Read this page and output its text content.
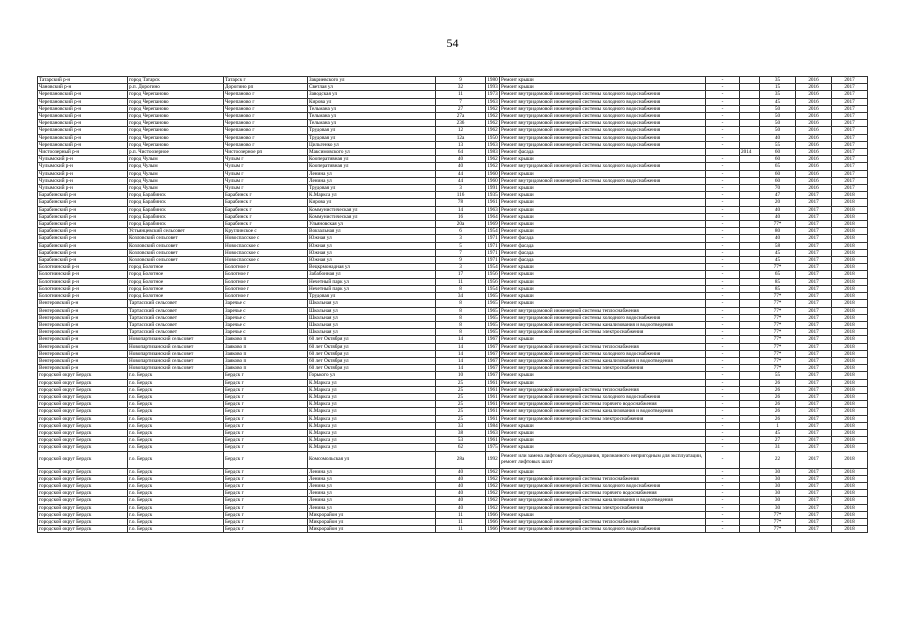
54
Татарский р-н	город Татарск	Татарск г	Закриевского ул	9	1980	Ремонт крыши	-		35	2016	2017
Чановский р-н	р.п. Дорогино	Дорогино рп	Светлая ул	32	1993	Ремонт крыши	-		15	2016	2017
Черепановский р-н	город Черепаново	Черепаново г	Заводская ул	11	1973	Ремонт внутридомовой инженерной системы холодного водоснабжения	-		35	2016	2017
Черепановский р-н	город Черепаново	Черепаново г	Кирова ул	7	1963	Ремонт внутридомовой инженерной системы холодного водоснабжения	-		45	2016	2017
Черепановский р-н	город Черепаново	Черепаново г	Тельмана ул	27	1962	Ремонт внутридомовой инженерной системы холодного водоснабжения	-		50	2016	2017
Черепановский р-н	город Черепаново	Черепаново г	Тельмана ул	27а	1962	Ремонт внутридомовой инженерной системы холодного водоснабжения	-		50	2016	2017
Черепановский р-н	город Черепаново	Черепаново г	Тельмана ул	236	1962	Ремонт внутридомовой инженерной системы холодного водоснабжения	-		50	2016	2017
Черепановский р-н	город Черепаново	Черепаново г	Трудовая ул	12	1962	Ремонт внутридомовой инженерной системы холодного водоснабжения	-		50	2016	2017
Черепановский р-н	город Черепаново	Черепаново г	Трудовая ул	12а	1950	Ремонт внутридомовой инженерной системы холодного водоснабжения	-		40	2016	2017
Черепановский р-н	город Черепаново	Черепаново г	Цильгенко ул	13	1963	Ремонт внутридомовой инженерной системы холодного водоснабжения	-		55	2016	2017
Чистоозерный р-н	р.п. Чистоозерное	Чистоозерное рп	Максимовского ул	64	1983	Ремонт фасада		2014	60	2016	2017
Чулымский р-н	город Чулым	Чулым г	Кооперативная ул	40	1962	Ремонт крыши	-		60	2016	2017
Чулымский р-н	город Чулым	Чулым г	Кооперативная ул	40	1962	Ремонт внутридомовой инженерной системы холодного водоснабжения	-		65	2016	2017
Чулымский р-н	город Чулым	Чулым г	Ленина ул	44	1960	Ремонт крыши	-		60	2016	2017
Чулымский р-н	город Чулым	Чулым г	Ленина ул	44	1960	Ремонт внутридомовой инженерной системы холодного водоснабжения	-		60	2016	2017
Чулымский р-н	город Чулым	Чулым г	Трудовая ул	3	1991	Ремонт крыши	-		70	2016	2017
Барабинский р-н	город Барабинск	Барабинск г	К.Маркса ул	116	1935	Ремонт крыши	-		47	2017	2018
Барабинский р-н	город Барабинск	Барабинск г	Кирова ул	78	1961	Ремонт крыши	-		20	2017	2018
Барабинский р-н	город Барабинск	Барабинск г	Коммунистическая ул	14	1963	Ремонт крыши	-		40	2017	2018
Барабинский р-н	город Барабинск	Барабинск г	Коммунистическая ул	16	1964	Ремонт крыши	-		40	2017	2018
Барабинский р-н	город Барабинск	Барабинск г	Ульяновская ул	20а	1969	Ремонт крыши	-		77*	2017	2018
Барабинский р-н	Устьянцевский сельсовет	Круглинское с	Вокзальная ул	6	1954	Ремонт крыши	-		80	2017	2018
Барабинский р-н	Козловский сельсовет	Новоспасское с	Южная ул	3	1971	Ремонт фасада	-		40	2017	2018
Барабинский р-н	Козловский сельсовет	Новоспасское с	Южная ул	5	1971	Ремонт фасада	-		58	2017	2018
Барабинский р-н	Козловский сельсовет	Новоспасское с	Южная ул	7	1971	Ремонт фасада	-		45	2017	2018
Барабинский р-н	Козловский сельсовет	Новоспасское с	Южная ул	9	1971	Ремонт фасада	-		45	2017	2018
Болотнинский р-н	город Болотное	Болотное г	Вецкрмонадная ул	3	1954	Ремонт крыши	-		77*	2017	2018
Болотнинский р-н	город Болотное	Болотное г	Забабонная ул	17	1956	Ремонт крыши	-		65	2017	2018
Болотнинский р-н	город Болотное	Болотное г	Нечетный парк ул	11	1956	Ремонт крыши	-		85	2017	2018
Болотнинский р-н	город Болотное	Болотное г	Нечетный парк ул	8	1954	Ремонт крыши	-		85	2017	2018
Болотнинский р-н	город Болотное	Болотное г	Трудовая ул	34	1965	Ремонт крыши	-		77*	2017	2018
Венгеровский р-н	Тартасский сельсовет	Заречье с	Школьная ул	8	1965	Ремонт крыши	-		77*	2017	2018
Венгеровский р-н	Тартасский сельсовет	Заречье с	Школьная ул	8	1965	Ремонт внутридомовой инженерной системы теплоснабжения	-		77*	2017	2018
Венгеровский р-н	Тартасский сельсовет	Заречье с	Школьная ул	8	1965	Ремонт внутридомовой инженерной системы холодного водоснабжения	-		77*	2017	2018
Венгеровский р-н	Тартасский сельсовет	Заречье с	Школьная ул	8	1965	Ремонт внутридомовой инженерной системы канализования и водоотведения	-		77*	2017	2018
Венгеровский р-н	Тартасский сельсовет	Заречье с	Школьная ул	8	1965	Ремонт внутридомовой инженерной системы электроснабжения	-		77*	2017	2018
Венгеровский р-н	Новопартизанский сельсовет	Заяково п	60 лет Октября ул	14	1967	Ремонт крыши	-		77*	2017	2018
Венгеровский р-н	Новопартизанский сельсовет	Заяково п	60 лет Октября ул	14	1967	Ремонт внутридомовой инженерной системы теплоснабжения	-		77*	2017	2018
Венгеровский р-н	Новопартизанский сельсовет	Заяково п	60 лет Октября ул	14	1967	Ремонт внутридомовой инженерной системы холодного водоснабжения	-		77*	2017	2018
Венгеровский р-н	Новопартизанский сельсовет	Заяково п	60 лет Октября ул	14	1967	Ремонт внутридомовой инженерной системы канализования и водоотведения	-		77*	2017	2018
Венгеровский р-н	Новопартизанский сельсовет	Заяково п	60 лет Октября ул	14	1967	Ремонт внутридомовой инженерной системы электроснабжения	-		77*	2017	2018
городской округ Бердск	г.о. Бердск	Бердск г	Горького ул	10	1967	Ремонт крыши	-		55	2017	2018
городской округ Бердск	г.о. Бердск	Бердск г	К.Маркса ул	25	1961	Ремонт крыши	-		26	2017	2018
городской округ Бердск	г.о. Бердск	Бердск г	К.Маркса ул	25	1961	Ремонт внутридомовой инженерной системы теплоснабжения	-		26	2017	2018
городской округ Бердск	г.о. Бердск	Бердск г	К.Маркса ул	25	1961	Ремонт внутридомовой инженерной системы холодного водоснабжения	-		26	2017	2018
городской округ Бердск	г.о. Бердск	Бердск г	К.Маркса ул	25	1961	Ремонт внутридомовой инженерной системы горячего водоснабжения	-		26	2017	2018
городской округ Бердск	г.о. Бердск	Бердск г	К.Маркса ул	25	1961	Ремонт внутридомовой инженерной системы канализования и водоотведения	-		26	2017	2018
городской округ Бердск	г.о. Бердск	Бердск г	К.Маркса ул	25	1961	Ремонт внутридомовой инженерной системы электроснабжения	-		26	2017	2018
городской округ Бердск	г.о. Бердск	Бердск г	К.Маркса ул	33	1984	Ремонт крыши	-		1	2017	2018
городской округ Бердск	г.о. Бердск	Бердск г	К.Маркса ул	38	1963	Ремонт крыши	-		45	2017	2018
городской округ Бердск	г.о. Бердск	Бердск г	К.Маркса ул	53	1961	Ремонт крыши	-		27	2017	2018
городской округ Бердск	г.о. Бердск	Бердск г	К.Маркса ул	62	1975	Ремонт крыши	-		31	2017	2018
городской округ Бердск	г.о. Бердск	Бердск г	Комсомольская ул	28а	1992	Ремонт или замена лифтового оборудования, признанного непригодным для эксплуатации, ремонт лифтовых шахт	-		22	2017	2018
городской округ Бердск	г.о. Бердск	Бердск г	Ленина ул	40	1962	Ремонт крыши	-		30	2017	2018
городской округ Бердск	г.о. Бердск	Бердск г	Ленина ул	40	1962	Ремонт внутридомовой инженерной системы теплоснабжения	-		30	2017	2018
городской округ Бердск	г.о. Бердск	Бердск г	Ленина ул	40	1962	Ремонт внутридомовой инженерной системы холодного водоснабжения	-		30	2017	2018
городской округ Бердск	г.о. Бердск	Бердск г	Ленина ул	40	1962	Ремонт внутридомовой инженерной системы горячего водоснабжения	-		30	2017	2018
городской округ Бердск	г.о. Бердск	Бердск г	Ленина ул	40	1962	Ремонт внутридомовой инженерной системы канализования и водоотведения	-		30	2017	2018
городской округ Бердск	г.о. Бердск	Бердск г	Ленина ул	40	1962	Ремонт внутридомовой инженерной системы электроснабжения	-		30	2017	2018
городской округ Бердск	г.о. Бердск	Бердск г	Микрорайон ул	11	1966	Ремонт крыши	-		77*	2017	2018
городской округ Бердск	г.о. Бердск	Бердск г	Микрорайон ул	11	1966	Ремонт внутридомовой инженерной системы теплоснабжения	-		77*	2017	2018
городской округ Бердск	г.о. Бердск	Бердск г	Микрорайон ул	11	1966	Ремонт внутридомовой инженерной системы холодного водоснабжения	-		77*	2017	2018
